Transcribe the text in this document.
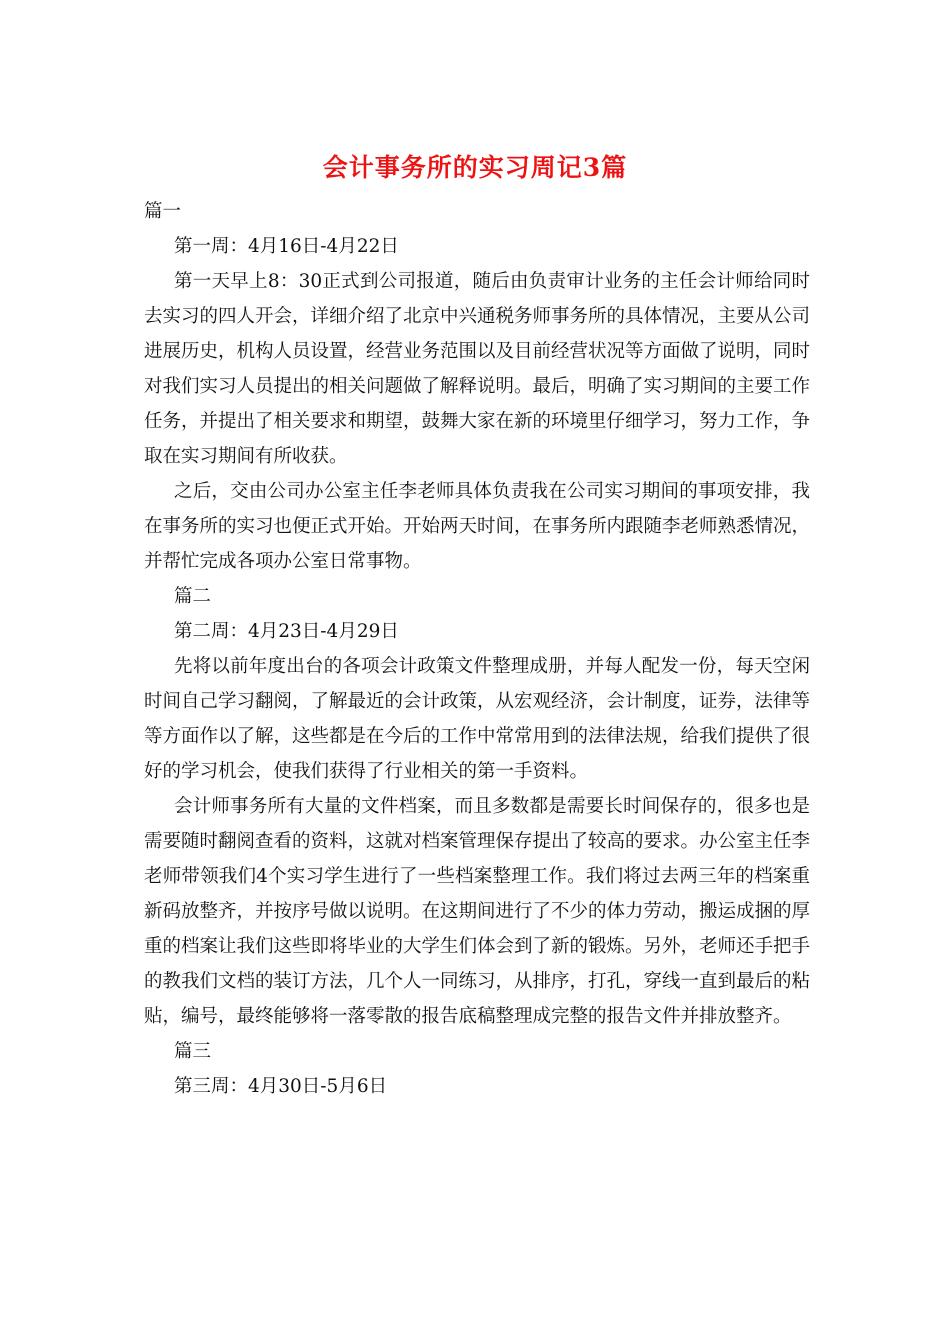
会计事务所的实习周记3篇

篇一

第一周：4月16日-4月22日

第一天早上8：30正式到公司报道，随后由负责审计业务的主任会计师给同时去实习的四人开会，详细介绍了北京中兴通税务师事务所的具体情况，主要从公司进展历史，机构人员设置，经营业务范围以及目前经营状况等方面做了说明，同时对我们实习人员提出的相关问题做了解释说明。最后，明确了实习期间的主要工作任务，并提出了相关要求和期望，鼓舞大家在新的环境里仔细学习，努力工作，争取在实习期间有所收获。

之后，交由公司办公室主任李老师具体负责我在公司实习期间的事项安排，我在事务所的实习也便正式开始。开始两天时间，在事务所内跟随李老师熟悉情况，并帮忙完成各项办公室日常事物。

篇二

第二周：4月23日-4月29日

先将以前年度出台的各项会计政策文件整理成册，并每人配发一份，每天空闲时间自己学习翻阅，了解最近的会计政策，从宏观经济，会计制度，证券，法律等等方面作以了解，这些都是在今后的工作中常常用到的法律法规，给我们提供了很好的学习机会，使我们获得了行业相关的第一手资料。

会计师事务所有大量的文件档案，而且多数都是需要长时间保存的，很多也是需要随时翻阅查看的资料，这就对档案管理保存提出了较高的要求。办公室主任李老师带领我们4个实习学生进行了一些档案整理工作。我们将过去两三年的档案重新码放整齐，并按序号做以说明。在这期间进行了不少的体力劳动，搬运成捆的厚重的档案让我们这些即将毕业的大学生们体会到了新的锻炼。另外，老师还手把手的教我们文档的装订方法，几个人一同练习，从排序，打孔，穿线一直到最后的粘贴，编号，最终能够将一落零散的报告底稿整理成完整的报告文件并排放整齐。

篇三

第三周：4月30日-5月6日
